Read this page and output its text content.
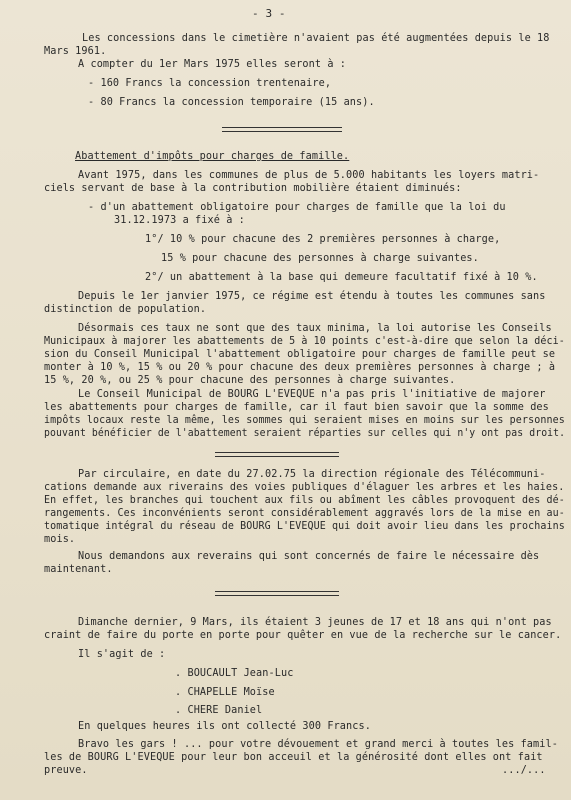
- 3 -
Les concessions dans le cimetière n'avaient pas été augmentées depuis le 18
Mars 1961.
A compter du 1er Mars 1975 elles seront à :
- 160 Francs la concession trentenaire,
- 80 Francs la concession temporaire (15 ans).
Abattement d'impôts pour charges de famille.
Avant 1975, dans les communes de plus de 5.000 habitants les loyers matri-
ciels servant de base à la contribution mobilière étaient diminués:
- d'un abattement obligatoire pour charges de famille que la loi du
31.12.1973 a fixé à :
1°/ 10 % pour chacune des 2 premières personnes à charge,
15 % pour chacune des personnes à charge suivantes.
2°/ un abattement à la base qui demeure facultatif fixé à 10 %.
Depuis le 1er janvier 1975, ce régime est étendu à toutes les communes sans
distinction de population.
Désormais ces taux ne sont que des taux minima, la loi autorise les Conseils
Municipaux à majorer les abattements de 5 à 10 points c'est-à-dire que selon la déci-
sion du Conseil Municipal l'abattement obligatoire pour charges de famille peut se
monter à 10 %, 15 % ou 20 % pour chacune des deux premières personnes à charge ; à
15 %, 20 %, ou 25 % pour chacune des personnes à charge suivantes.
Le Conseil Municipal de BOURG L'EVEQUE n'a pas pris l'initiative de majorer
les abattements pour charges de famille, car il faut bien savoir que la somme des
impôts locaux reste la même, les sommes qui seraient mises en moins sur les personnes
pouvant bénéficier de l'abattement seraient réparties sur celles qui n'y ont pas droit.
Par circulaire, en date du 27.02.75 la direction régionale des Télécommuni-
cations demande aux riverains des voies publiques d'élaguer les arbres et les haies.
En effet, les branches qui touchent aux fils ou abîment les câbles provoquent des dé-
rangements. Ces inconvénients seront considérablement aggravés lors de la mise en au-
tomatique intégral du réseau de BOURG L'EVEQUE qui doit avoir lieu dans les prochains
mois.
Nous demandons aux reverains qui sont concernés de faire le nécessaire dès
maintenant.
Dimanche dernier, 9 Mars, ils étaient 3 jeunes de 17 et 18 ans qui n'ont pas
craint de faire du porte en porte pour quêter en vue de la recherche sur le cancer.
Il s'agit de :
. BOUCAULT Jean-Luc
. CHAPELLE Moïse
. CHERE Daniel
En quelques heures ils ont collecté 300 Francs.
Bravo les gars ! ... pour votre dévouement et grand merci à toutes les famil-
les de BOURG L'EVEQUE pour leur bon acceuil et la générosité dont elles ont fait
preuve.	.../...
